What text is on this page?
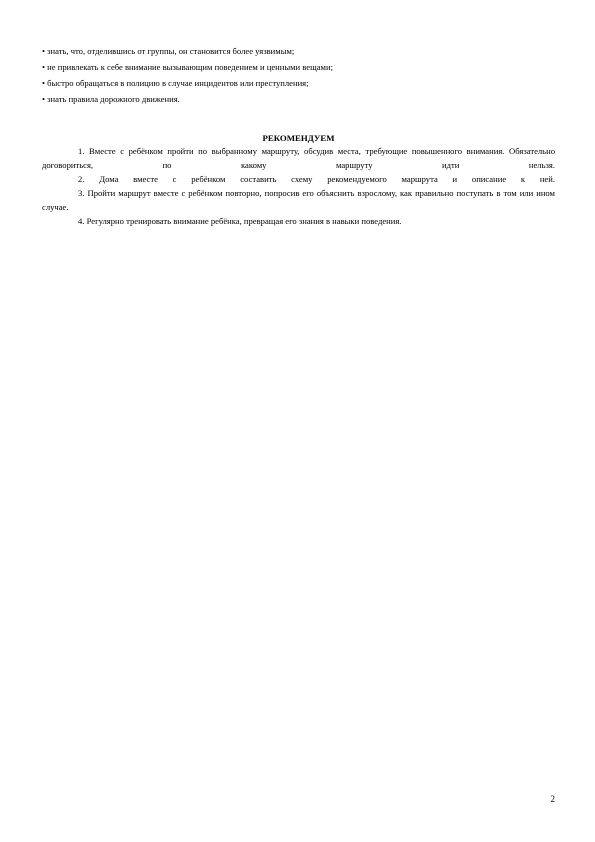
• знать, что, отделившись от группы, он становится более уязвимым;
• не привлекать к себе внимание вызывающим поведением и ценными вещами;
• быстро обращаться в полицию в случае инцидентов или преступления;
• знать правила дорожного движения.
РЕКОМЕНДУЕМ

1. Вместе с ребёнком пройти по выбранному маршруту, обсудив места, требующие повышенного внимания. Обязательно договориться, по какому маршруту идти нельзя.

2. Дома вместе с ребёнком составить схему рекомендуемого маршрута и описание к ней.

3. Пройти маршрут вместе с ребёнком повторно, попросив его объяснить взрослому, как правильно поступать в том или ином случае.

4. Регулярно тренировать внимание ребёнка, превращая его знания в навыки поведения.

2
